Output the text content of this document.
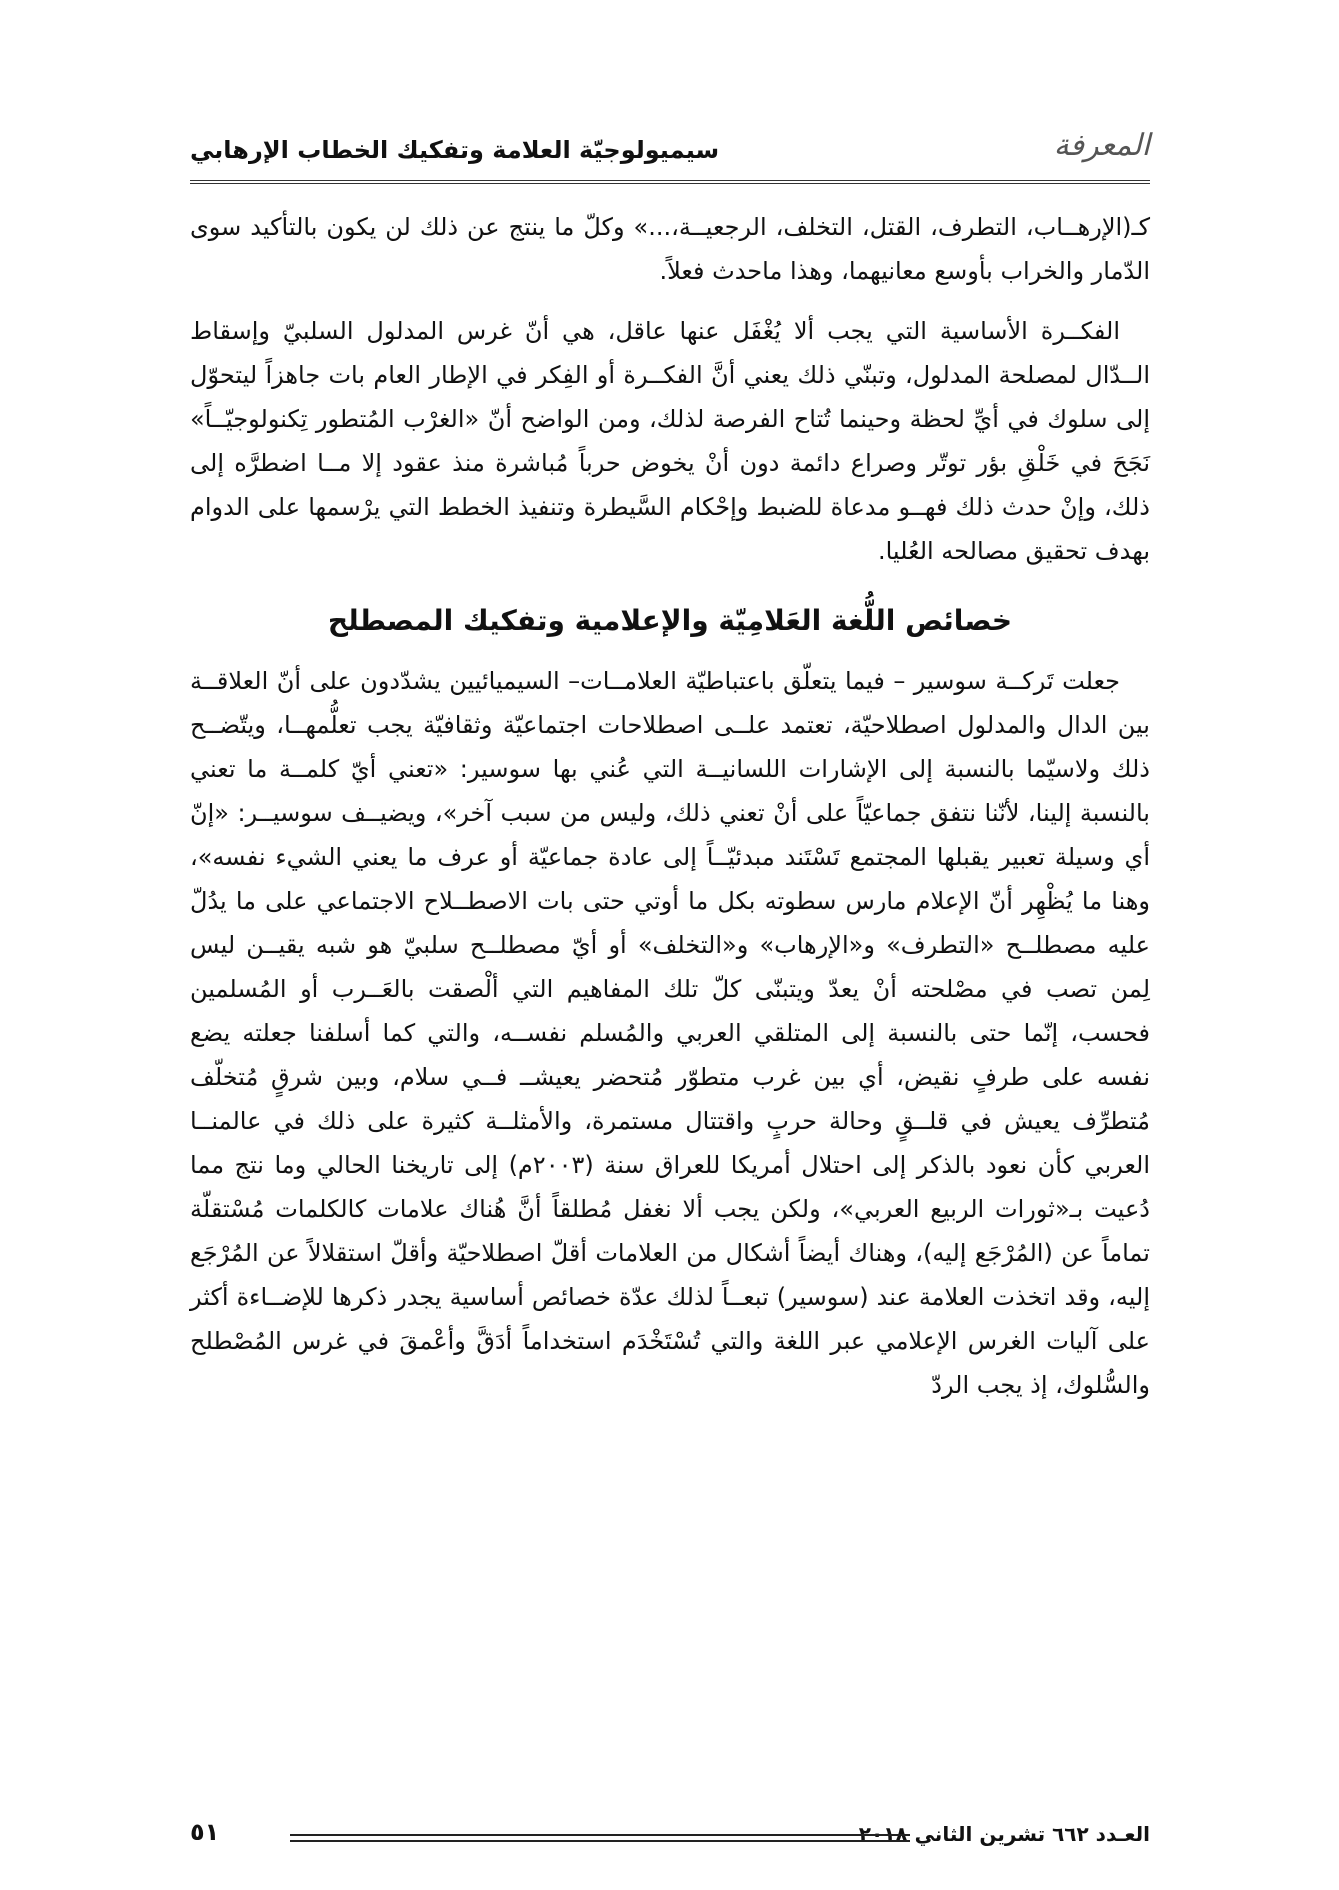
المعرفة
سيميولوجيّة العلامة وتفكيك الخطاب الإرهابي

كـ(الإرهــاب، التطرف، القتل، التخلف، الرجعيــة،...» وكلّ ما ينتج عن ذلك لن يكون بالتأكيد سوى الدّمار والخراب بأوسع معانيهما، وهذا ماحدث فعلاً.

الفكــرة الأساسية التي يجب ألا يُغْفَل عنها عاقل، هي أنّ غرس المدلول السلبيّ وإسقاط الــدّال لمصلحة المدلول، وتبنّي ذلك يعني أنَّ الفكــرة أو الفِكر في الإطار العام بات جاهزاً ليتحوّل إلى سلوك في أيِّ لحظة وحينما تُتاح الفرصة لذلك، ومن الواضح أنّ «الغرْب المُتطور تِكنولوجيّــاً» نَجَحَ في خَلْقِ بؤر توتّر وصراع دائمة دون أنْ يخوض حرباً مُباشرة منذ عقود إلا مــا اضطرَّه إلى ذلك، وإنْ حدث ذلك فهــو مدعاة للضبط وإحْكام السَّيطرة وتنفيذ الخطط التي يرْسمها على الدوام بهدف تحقيق مصالحه العُليا.

خصائص اللُّغة العَلامِيّة والإعلامية وتفكيك المصطلح

جعلت تَركــة سوسير – فيما يتعلّق باعتباطيّة العلامــات– السيميائيين يشدّدون على أنّ العلاقــة بين الدال والمدلول اصطلاحيّة، تعتمد علــى اصطلاحات اجتماعيّة وثقافيّة يجب تعلُّمهــا، ويتّضــح ذلك ولاسيّما بالنسبة إلى الإشارات اللسانيــة التي عُني بها سوسير: «تعني أيّ كلمــة ما تعني بالنسبة إلينا، لأنّنا نتفق جماعيّاً على أنْ تعني ذلك، وليس من سبب آخر»، ويضيــف سوسيــر: «إنّ أي وسيلة تعبير يقبلها المجتمع تَسْتَند مبدئيّــاً إلى عادة جماعيّة أو عرف ما يعني الشيء نفسه»، وهنا ما يُظْهِر أنّ الإعلام مارس سطوته بكل ما أوتي حتى بات الاصطــلاح الاجتماعي على ما يدُلّ عليه مصطلــح «التطرف» و«الإرهاب» و«التخلف» أو أيّ مصطلــح سلبيّ هو شبه يقيــن ليس لِمن تصب في مصْلحته أنْ يعدّ ويتبنّى كلّ تلك المفاهيم التي ألْصقت بالعَــرب أو المُسلمين فحسب، إنّما حتى بالنسبة إلى المتلقي العربي والمُسلم نفســه، والتي كما أسلفنا جعلته يضع نفسه على طرفٍ نقيض، أي بين غرب متطوّر مُتحضر يعيشــ فــي سلام، وبين شرقٍ مُتخلّف مُتطرِّف يعيش في قلــقٍ وحالة حربٍ واقتتال مستمرة، والأمثلــة كثيرة على ذلك في عالمنــا العربي كأن نعود بالذكر إلى احتلال أمريكا للعراق سنة (٢٠٠٣م) إلى تاريخنا الحالي وما نتج مما دُعيت بـ«ثورات الربيع العربي»، ولكن يجب ألا نغفل مُطلقاً أنَّ هُناك علامات كالكلمات مُسْتقلّة تماماً عن (المُرْجَع إليه)، وهناك أيضاً أشكال من العلامات أقلّ اصطلاحيّة وأقلّ استقلالاً عن المُرْجَع إليه، وقد اتخذت العلامة عند (سوسير) تبعــاً لذلك عدّة خصائص أساسية يجدر ذكرها للإضــاءة أكثر على آليات الغرس الإعلامي عبر اللغة والتي تُسْتَخْدَم استخداماً أدَقَّ وأعْمقَ في غرس المُصْطلح والسُّلوك، إذ يجب الردّ

العـدد ٦٦٢ تشرين الثاني ٢٠١٨
٥١
